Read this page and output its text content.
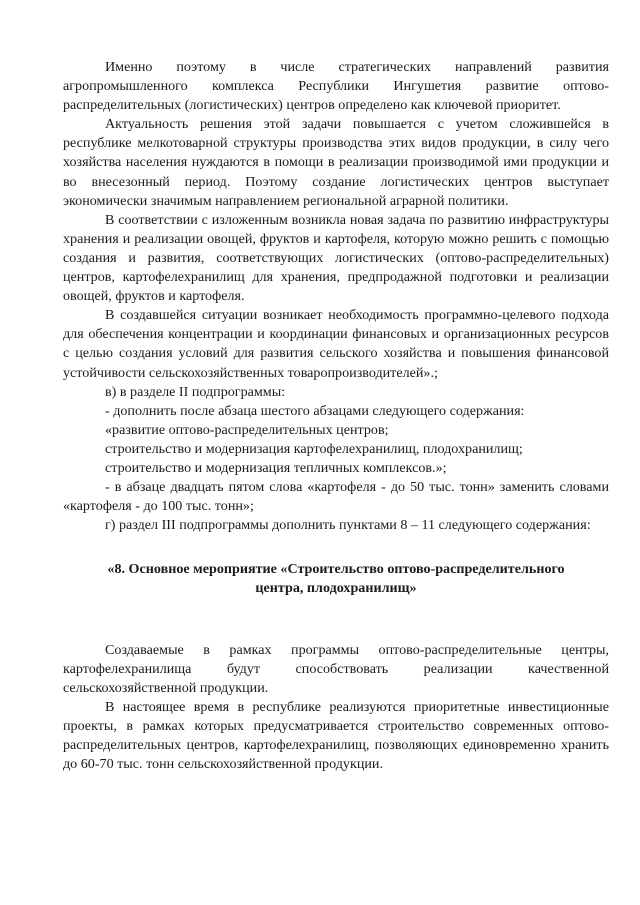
Именно поэтому в числе стратегических направлений развития агропромышленного комплекса Республики Ингушетия развитие оптово-распределительных (логистических) центров определено как ключевой приоритет.

Актуальность решения этой задачи повышается с учетом сложившейся в республике мелкотоварной структуры производства этих видов продукции, в силу чего хозяйства населения нуждаются в помощи в реализации производимой ими продукции и во внесезонный период. Поэтому создание логистических центров выступает экономически значимым направлением региональной аграрной политики.

В соответствии с изложенным возникла новая задача по развитию инфраструктуры хранения и реализации овощей, фруктов и картофеля, которую можно решить с помощью создания и развития, соответствующих логистических (оптово-распределительных) центров, картофелехранилищ для хранения, предпродажной подготовки и реализации овощей, фруктов и картофеля.

В создавшейся ситуации возникает необходимость программно-целевого подхода для обеспечения концентрации и координации финансовых и организационных ресурсов с целью создания условий для развития сельского хозяйства и повышения финансовой устойчивости сельскохозяйственных товаропроизводителей».;

в) в разделе II подпрограммы:

- дополнить после абзаца шестого абзацами следующего содержания:

«развитие оптово-распределительных центров;

строительство и модернизация картофелехранилищ, плодохранилищ;

строительство и модернизация тепличных комплексов.»;

- в абзаце двадцать пятом слова «картофеля - до 50 тыс. тонн» заменить словами «картофеля - до 100 тыс. тонн»;

г) раздел III подпрограммы дополнить пунктами 8 – 11 следующего содержания:

«8. Основное мероприятие «Строительство оптово-распределительного
центра, плодохранилищ»

Создаваемые в рамках программы оптово-распределительные центры, картофелехранилища будут способствовать реализации качественной сельскохозяйственной продукции.

В настоящее время в республике реализуются приоритетные инвестиционные проекты, в рамках которых предусматривается строительство современных оптово-распределительных центров, картофелехранилищ, позволяющих единовременно хранить до 60-70 тыс. тонн сельскохозяйственной продукции.
